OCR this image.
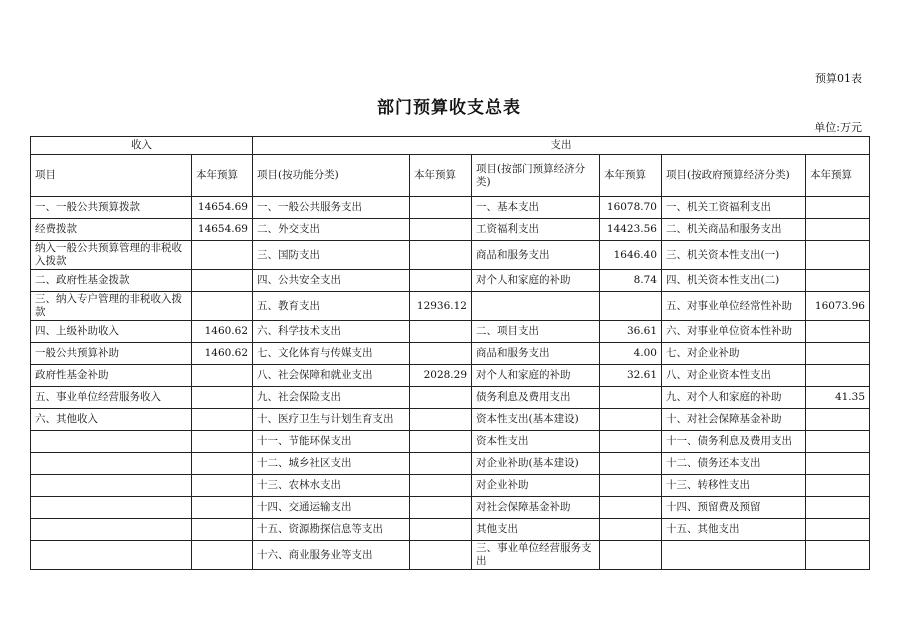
预算01表
部门预算收支总表
单位:万元
收入		支出					
项目	本年预算	项目(按功能分类)	本年预算	项目(按部门预算经济分类)	本年预算	项目(按政府预算经济分类)	本年预算
一、一般公共预算拨款	14654.69	一、一般公共服务支出		一、基本支出	16078.70	一、机关工资福利支出	
经费拨款	14654.69	二、外交支出		工资福利支出	14423.56	二、机关商品和服务支出	
纳入一般公共预算管理的非税收入拨款		三、国防支出		商品和服务支出	1646.40	三、机关资本性支出(一)	
二、政府性基金拨款		四、公共安全支出		对个人和家庭的补助	8.74	四、机关资本性支出(二)	
三、纳入专户管理的非税收入拨款		五、教育支出	12936.12			五、对事业单位经常性补助	16073.96
四、上级补助收入	1460.62	六、科学技术支出		二、项目支出	36.61	六、对事业单位资本性补助	
一般公共预算补助	1460.62	七、文化体育与传媒支出		商品和服务支出	4.00	七、对企业补助	
政府性基金补助		八、社会保障和就业支出	2028.29	对个人和家庭的补助	32.61	八、对企业资本性支出	
五、事业单位经营服务收入		九、社会保险支出		债务利息及费用支出		九、对个人和家庭的补助	41.35
六、其他收入		十、医疗卫生与计划生育支出		资本性支出(基本建设)		十、对社会保障基金补助	
		十一、节能环保支出		资本性支出		十一、债务利息及费用支出	
		十二、城乡社区支出		对企业补助(基本建设)		十二、债务还本支出	
		十三、农林水支出		对企业补助		十三、转移性支出	
		十四、交通运输支出		对社会保障基金补助		十四、预留费及预留	
		十五、资源勘探信息等支出		其他支出		十五、其他支出	
		十六、商业服务业等支出		三、事业单位经营服务支出			
